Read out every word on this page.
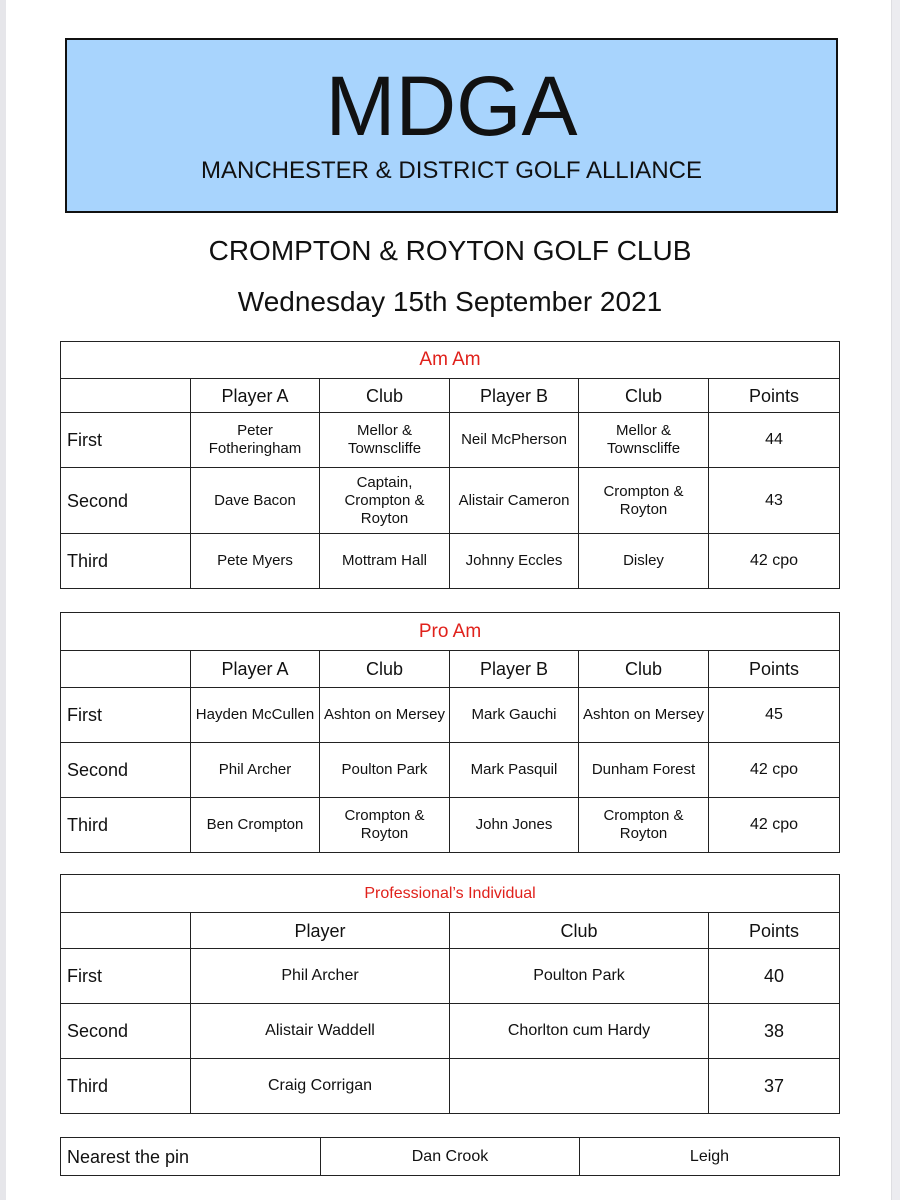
MDGA
MANCHESTER & DISTRICT GOLF ALLIANCE
CROMPTON & ROYTON GOLF CLUB
Wednesday 15th September 2021
Am Am					
	Player A	Club	Player B	Club	Points
First	Peter Fotheringham	Mellor & Townscliffe	Neil McPherson	Mellor & Townscliffe	44
Second	Dave Bacon	Captain, Crompton & Royton	Alistair Cameron	Crompton & Royton	43
Third	Pete Myers	Mottram Hall	Johnny Eccles	Disley	42 cpo
Pro Am					
	Player A	Club	Player B	Club	Points
First	Hayden McCullen	Ashton on Mersey	Mark Gauchi	Ashton on Mersey	45
Second	Phil Archer	Poulton Park	Mark Pasquil	Dunham Forest	42 cpo
Third	Ben Crompton	Crompton & Royton	John Jones	Crompton & Royton	42 cpo
Professional’s Individual			
	Player	Club	Points
First	Phil Archer	Poulton Park	40
Second	Alistair Waddell	Chorlton cum Hardy	38
Third	Craig Corrigan		37
Nearest the pin	Dan Crook	Leigh
